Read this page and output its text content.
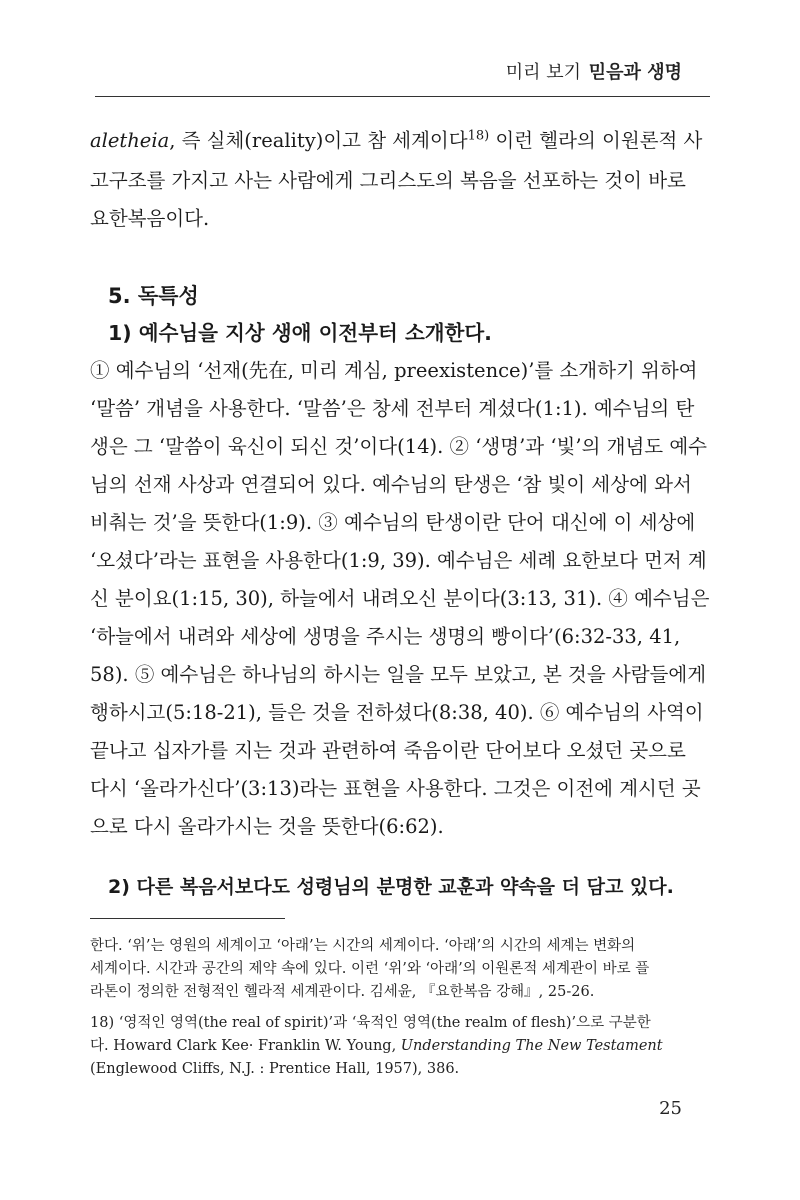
미리 보기 믿음과 생명
aletheia, 즉 실체(reality)이고 참 세계이다$^{18)}$ 이런 헬라의 이원론적 사
고구조를 가지고 사는 사람에게 그리스도의 복음을 선포하는 것이 바로
요한복음이다.
5. 독특성
1) 예수님을 지상 생애 이전부터 소개한다.
① 예수님의 ‘선재(先在, 미리 계심, preexistence)’를 소개하기 위하여
‘말씀’ 개념을 사용한다. ‘말씀’은 창세 전부터 계셨다(1:1). 예수님의 탄
생은 그 ‘말씀이 육신이 되신 것’이다(14). ② ‘생명’과 ‘빛’의 개념도 예수
님의 선재 사상과 연결되어 있다. 예수님의 탄생은 ‘참 빛이 세상에 와서
비춰는 것’을 뜻한다(1:9). ③ 예수님의 탄생이란 단어 대신에 이 세상에
‘오셨다’라는 표현을 사용한다(1:9, 39). 예수님은 세례 요한보다 먼저 계
신 분이요(1:15, 30), 하늘에서 내려오신 분이다(3:13, 31). ④ 예수님은
‘하늘에서 내려와 세상에 생명을 주시는 생명의 빵이다’(6:32-33, 41,
58). ⑤ 예수님은 하나님의 하시는 일을 모두 보았고, 본 것을 사람들에게
행하시고(5:18-21), 들은 것을 전하셨다(8:38, 40). ⑥ 예수님의 사역이
끝나고 십자가를 지는 것과 관련하여 죽음이란 단어보다 오셨던 곳으로
다시 ‘올라가신다’(3:13)라는 표현을 사용한다. 그것은 이전에 계시던 곳
으로 다시 올라가시는 것을 뜻한다(6:62).
2) 다른 복음서보다도 성령님의 분명한 교훈과 약속을 더 담고 있다.
한다. ‘위’는 영원의 세계이고 ‘아래’는 시간의 세계이다. ‘아래’의 시간의 세계는 변화의
세계이다. 시간과 공간의 제약 속에 있다. 이런 ‘위’와 ‘아래’의 이원론적 세계관이 바로 플
라톤이 정의한 전형적인 헬라적 세계관이다. 김세윤, 『요한복음 강해』, 25-26.
18) ‘영적인 영역(the real of spirit)’과 ‘육적인 영역(the realm of flesh)’으로 구분한
다. Howard Clark Kee· Franklin W. Young, Understanding The New Testament
(Englewood Cliffs, N.J. : Prentice Hall, 1957), 386.
25
